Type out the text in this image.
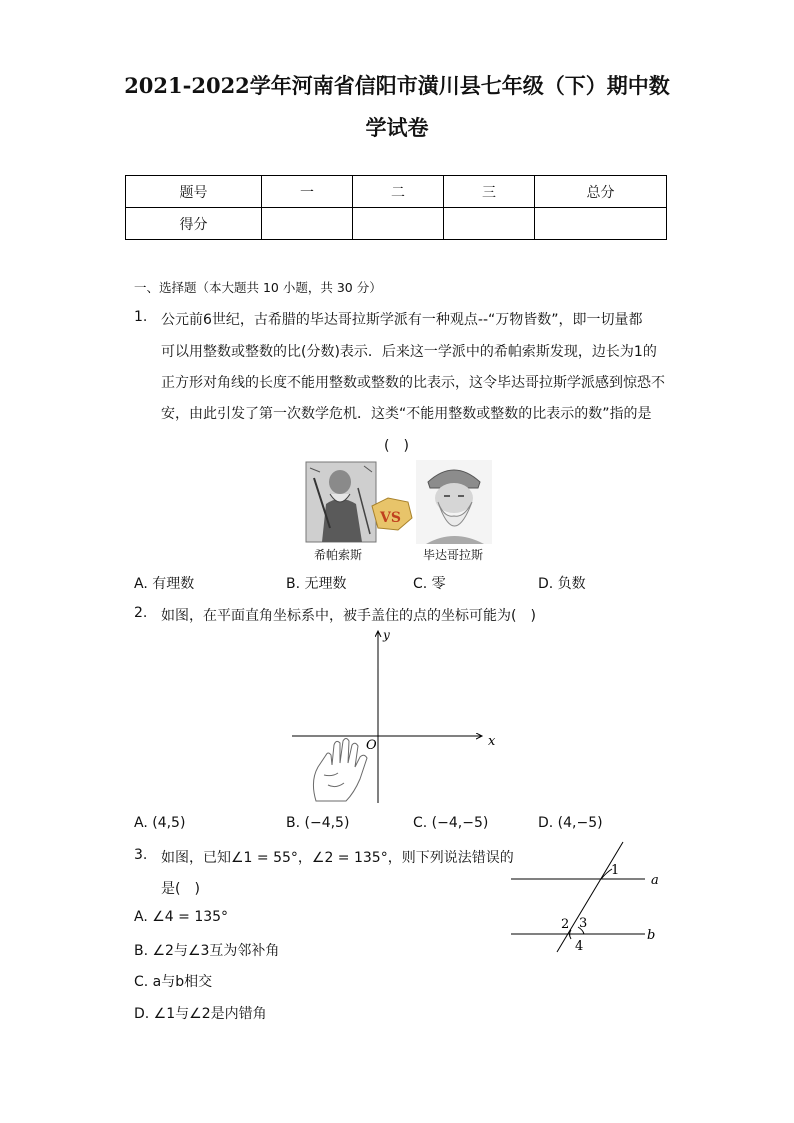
2021-2022学年河南省信阳市潢川县七年级（下）期中数
学试卷
题号	一	二	三	总分
得分				
一、选择题（本大题共 10 小题，共 30 分）
1. 公元前6世纪，古希腊的毕达哥拉斯学派有一种观点--“万物皆数”，即一切量都
可以用整数或整数的比(分数)表示．后来这一学派中的希帕索斯发现，边长为1的
正方形对角线的长度不能用整数或整数的比表示，这令毕达哥拉斯学派感到惊恐不
安，由此引发了第一次数学危机．这类“不能用整数或整数的比表示的数”指的是
(　)
VS
希帕索斯	毕达哥拉斯
A. 有理数	B. 无理数	C. 零	D. 负数
2. 如图，在平面直角坐标系中，被手盖住的点的坐标可能为(　)
x
y
O
A. (4,5)	B. (−4,5)	C. (−4,−5)	D. (4,−5)
3. 如图，已知∠1 = 55°，∠2 = 135°，则下列说法错误的
是(　)
A. ∠4 = 135°
B. ∠2与∠3互为邻补角
C. a与b相交
D. ∠1与∠2是内错角
1
2 3
4
a
b
